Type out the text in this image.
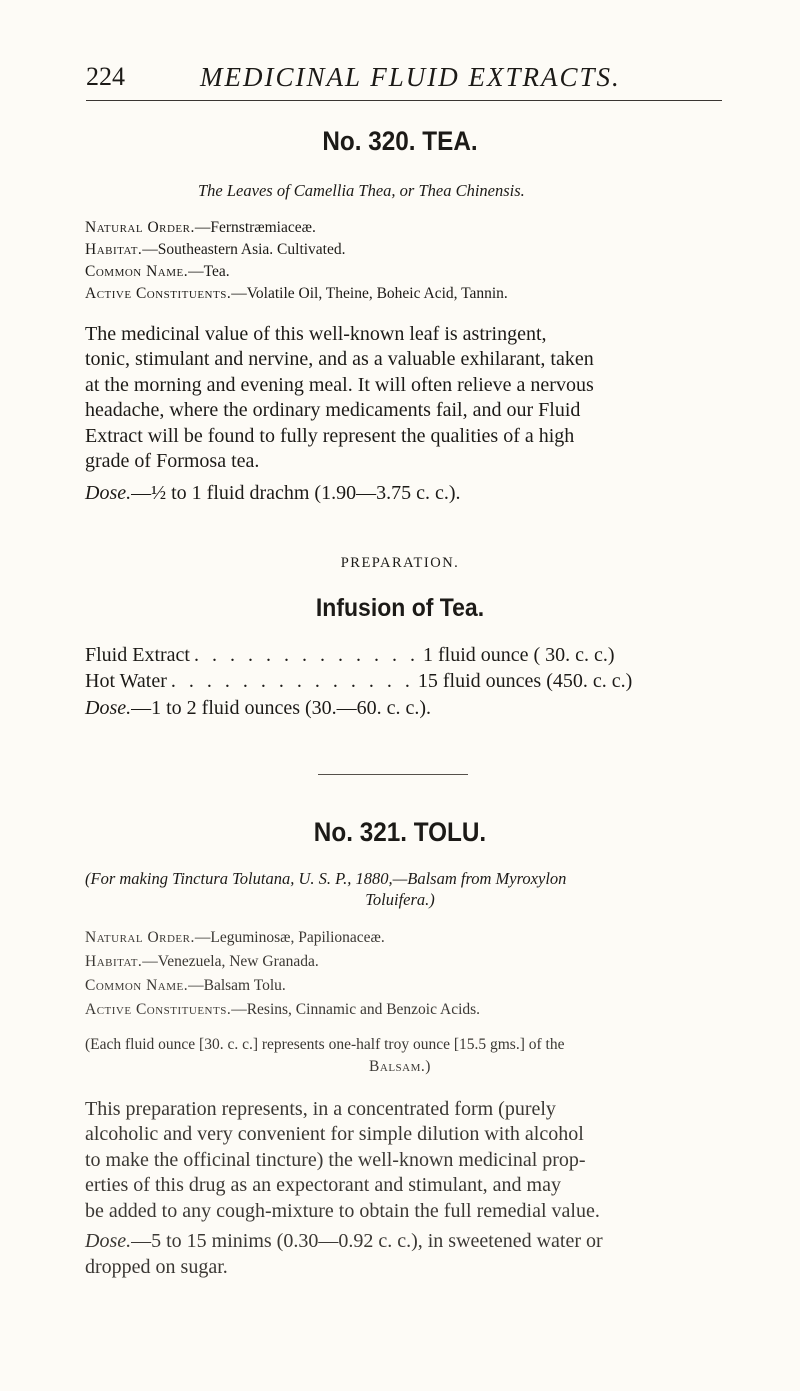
224	MEDICINAL FLUID EXTRACTS.
No. 320. TEA.
The Leaves of Camellia Thea, or Thea Chinensis.
Natural Order.—Fernstræmiaceæ.
Habitat.—Southeastern Asia. Cultivated.
Common Name.—Tea.
Active Constituents.—Volatile Oil, Theine, Boheic Acid, Tannin.
The medicinal value of this well-known leaf is astringent,
tonic, stimulant and nervine, and as a valuable exhilarant, taken
at the morning and evening meal. It will often relieve a nervous
headache, where the ordinary medicaments fail, and our Fluid
Extract will be found to fully represent the qualities of a high
grade of Formosa tea.
Dose.—½ to 1 fluid drachm (1.90—3.75 c. c.).
PREPARATION.
Infusion of Tea.
Fluid Extract . . . . . . . . . . . . . 1 fluid ounce ( 30. c. c.)
Hot Water . . . . . . . . . . . . . . 15 fluid ounces (450. c. c.)
Dose.—1 to 2 fluid ounces (30.—60. c. c.).
No. 321. TOLU.
(For making Tinctura Tolutana, U. S. P., 1880,—Balsam from Myroxylon
Toluifera.)
Natural Order.—Leguminosæ, Papilionaceæ.
Habitat.—Venezuela, New Granada.
Common Name.—Balsam Tolu.
Active Constituents.—Resins, Cinnamic and Benzoic Acids.
(Each fluid ounce [30. c. c.] represents one-half troy ounce [15.5 gms.] of the
Balsam.)
This preparation represents, in a concentrated form (purely
alcoholic and very convenient for simple dilution with alcohol
to make the officinal tincture) the well-known medicinal prop-
erties of this drug as an expectorant and stimulant, and may
be added to any cough-mixture to obtain the full remedial value.
Dose.—5 to 15 minims (0.30—0.92 c. c.), in sweetened water or
dropped on sugar.
